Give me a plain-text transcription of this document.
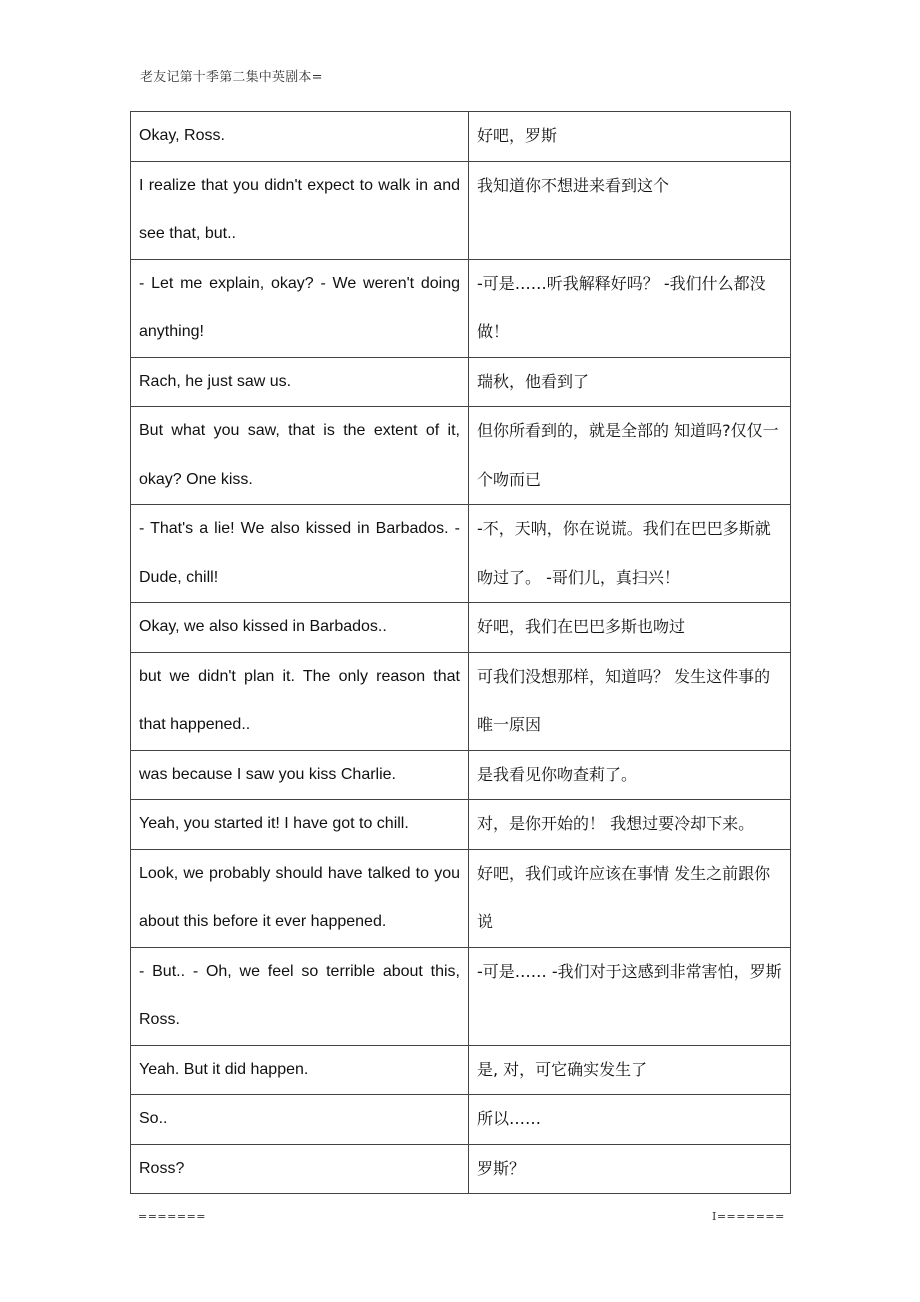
老友记第十季第二集中英剧本=
Okay, Ross.	好吧，罗斯
I realize that you didn't expect to walk in and see that, but..	我知道你不想进来看到这个
- Let me explain, okay? - We weren't doing anything!	-可是……听我解释好吗？ -我们什么都没做！
Rach, he just saw us.	瑞秋，他看到了
But what you saw, that is the extent of it, okay? One kiss.	但你所看到的，就是全部的 知道吗?仅仅一个吻而已
- That's a lie! We also kissed in Barbados. - Dude, chill!	-不，天呐，你在说谎。我们在巴巴多斯就吻过了。 -哥们儿，真扫兴！
Okay, we also kissed in Barbados..	好吧，我们在巴巴多斯也吻过
but we didn't plan it. The only reason that that happened..	可我们没想那样，知道吗？ 发生这件事的唯一原因
was because I saw you kiss Charlie.	是我看见你吻查莉了。
Yeah, you started it! I have got to chill.	对，是你开始的！ 我想过要冷却下来。
Look, we probably should have talked to you about this before it ever happened.	好吧，我们或许应该在事情 发生之前跟你说
- But.. - Oh, we feel so terrible about this, Ross.	-可是…… -我们对于这感到非常害怕，罗斯
Yeah. But it did happen.	是, 对，可它确实发生了
So..	所以……
Ross?	罗斯？
=======	I=======
